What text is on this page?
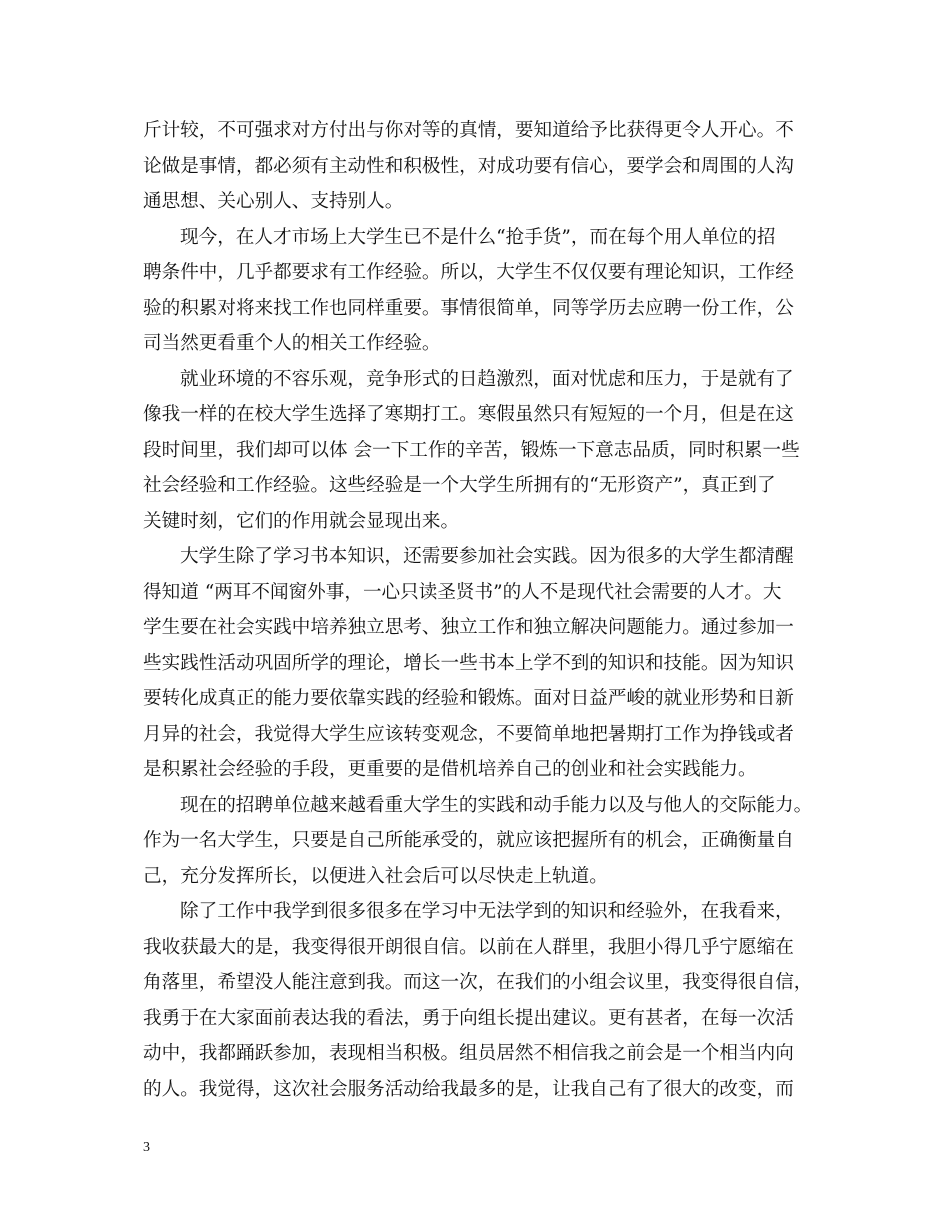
斤计较，不可强求对方付出与你对等的真情，要知道给予比获得更令人开心。不
论做是事情，都必须有主动性和积极性，对成功要有信心，要学会和周围的人沟
通思想、关心别人、支持别人。

现今，在人才市场上大学生已不是什么“抢手货”，而在每个用人单位的招
聘条件中，几乎都要求有工作经验。所以，大学生不仅仅要有理论知识，工作经
验的积累对将来找工作也同样重要。事情很简单，同等学历去应聘一份工作，公
司当然更看重个人的相关工作经验。

就业环境的不容乐观，竞争形式的日趋激烈，面对忧虑和压力，于是就有了
像我一样的在校大学生选择了寒期打工。寒假虽然只有短短的一个月，但是在这
段时间里，我们却可以体 会一下工作的辛苦，锻炼一下意志品质，同时积累一些
社会经验和工作经验。这些经验是一个大学生所拥有的“无形资产”，真正到了
关键时刻，它们的作用就会显现出来。

大学生除了学习书本知识，还需要参加社会实践。因为很多的大学生都清醒
得知道 “两耳不闻窗外事，一心只读圣贤书”的人不是现代社会需要的人才。大
学生要在社会实践中培养独立思考、独立工作和独立解决问题能力。通过参加一
些实践性活动巩固所学的理论，增长一些书本上学不到的知识和技能。因为知识
要转化成真正的能力要依靠实践的经验和锻炼。面对日益严峻的就业形势和日新
月异的社会，我觉得大学生应该转变观念，不要简单地把暑期打工作为挣钱或者
是积累社会经验的手段，更重要的是借机培养自己的创业和社会实践能力。

现在的招聘单位越来越看重大学生的实践和动手能力以及与他人的交际能力。
作为一名大学生，只要是自己所能承受的，就应该把握所有的机会，正确衡量自
己，充分发挥所长，以便进入社会后可以尽快走上轨道。

除了工作中我学到很多很多在学习中无法学到的知识和经验外，在我看来，
我收获最大的是，我变得很开朗很自信。以前在人群里，我胆小得几乎宁愿缩在
角落里，希望没人能注意到我。而这一次，在我们的小组会议里，我变得很自信，
我勇于在大家面前表达我的看法，勇于向组长提出建议。更有甚者，在每一次活
动中，我都踊跃参加，表现相当积极。组员居然不相信我之前会是一个相当内向
的人。我觉得，这次社会服务活动给我最多的是，让我自己有了很大的改变，而

3
